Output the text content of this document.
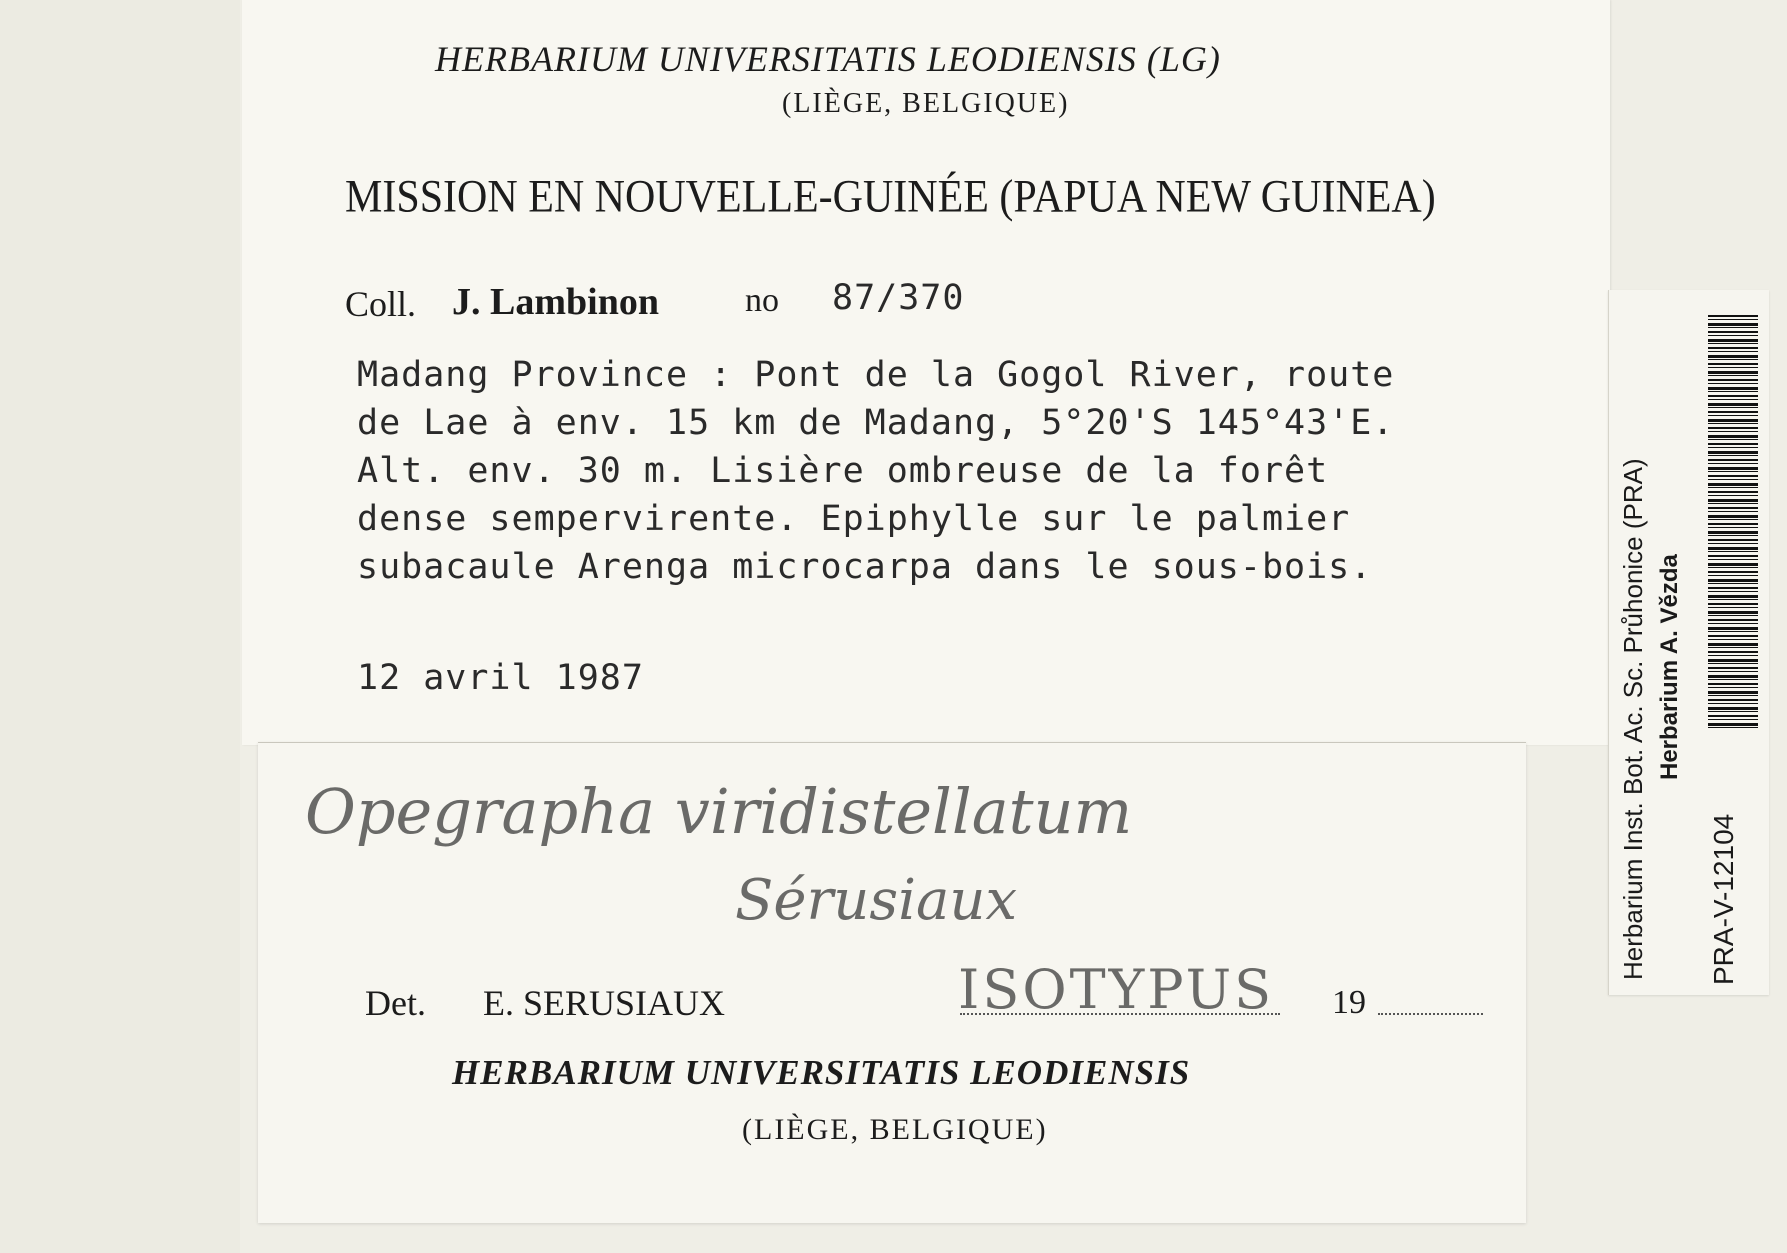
HERBARIUM UNIVERSITATIS LEODIENSIS (LG)
(LIÈGE, BELGIQUE)
MISSION EN NOUVELLE-GUINÉE (PAPUA NEW GUINEA)
Coll. J. Lambinon	no 87/370
Madang Province : Pont de la Gogol River, route
de Lae à env. 15 km de Madang, 5°20'S 145°43'E.
Alt. env. 30 m. Lisière ombreuse de la forêt
dense sempervirente. Epiphylle sur le palmier
subacaule Arenga microcarpa dans le sous-bois.
12 avril 1987
Opegrapha viridistellatum
Sérusiaux
Det. E. SERUSIAUX	ISOTYPUS 19
HERBARIUM UNIVERSITATIS LEODIENSIS
(LIÈGE, BELGIQUE)
Herbarium Inst. Bot. Ac. Sc. Průhonice (PRA) Herbarium A. Vězda
PRA-V-12104
